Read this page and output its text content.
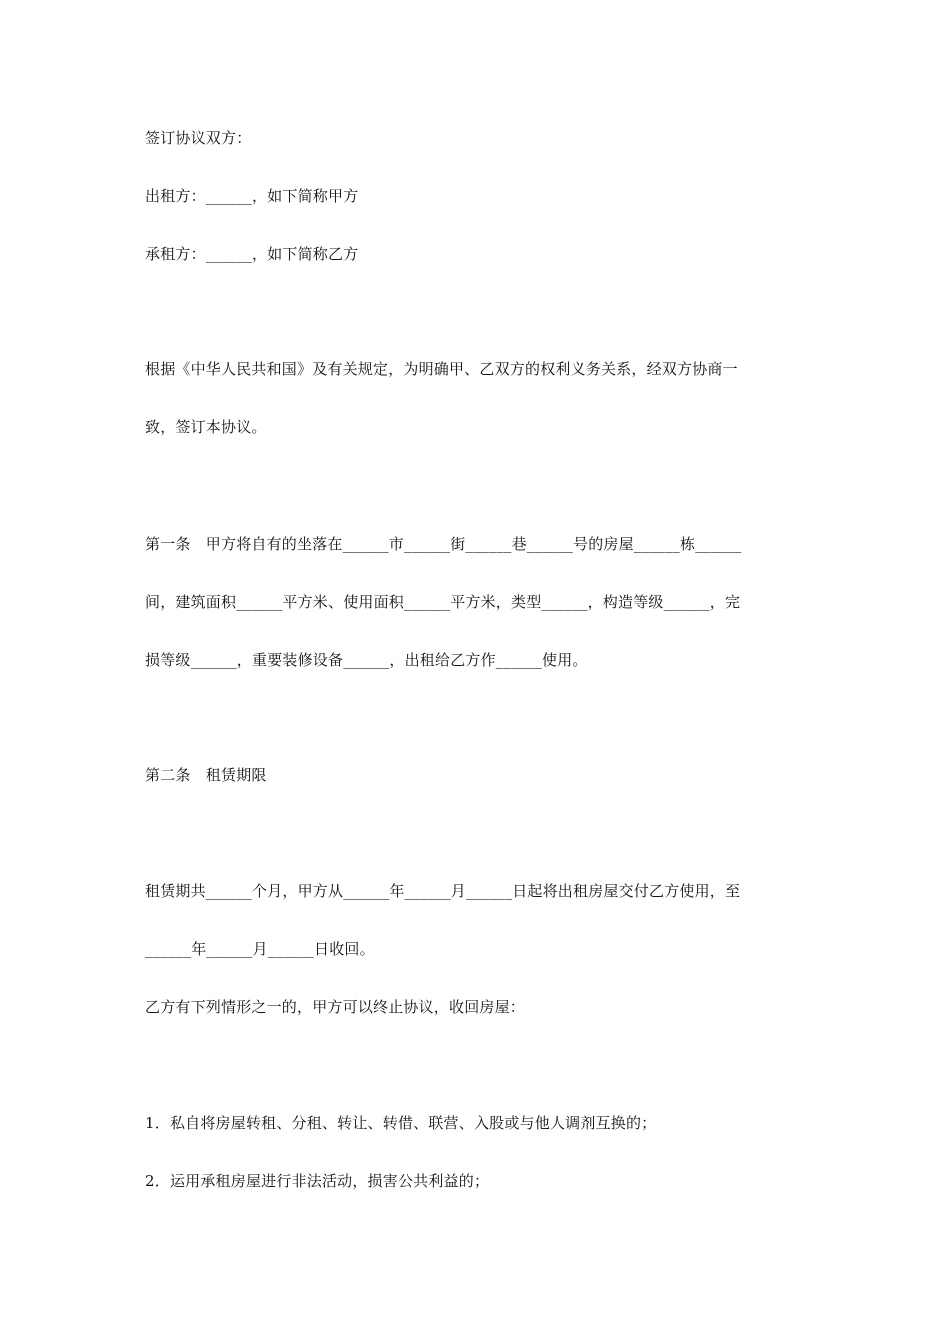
签订协议双方：
出租方：______，如下简称甲方
承租方：______，如下简称乙方
根据《中华人民共和国》及有关规定，为明确甲、乙双方的权利义务关系，经双方协商一
致，签订本协议。
第一条　甲方将自有的坐落在______市______街______巷______号的房屋______栋______
间，建筑面积______平方米、使用面积______平方米，类型______，构造等级______，完
损等级______，重要装修设备______，出租给乙方作______使用。
第二条　租赁期限
租赁期共______个月，甲方从______年______月______日起将出租房屋交付乙方使用，至
______年______月______日收回。
乙方有下列情形之一的，甲方可以终止协议，收回房屋：
1．私自将房屋转租、分租、转让、转借、联营、入股或与他人调剂互换的；
2．运用承租房屋进行非法活动，损害公共利益的；
